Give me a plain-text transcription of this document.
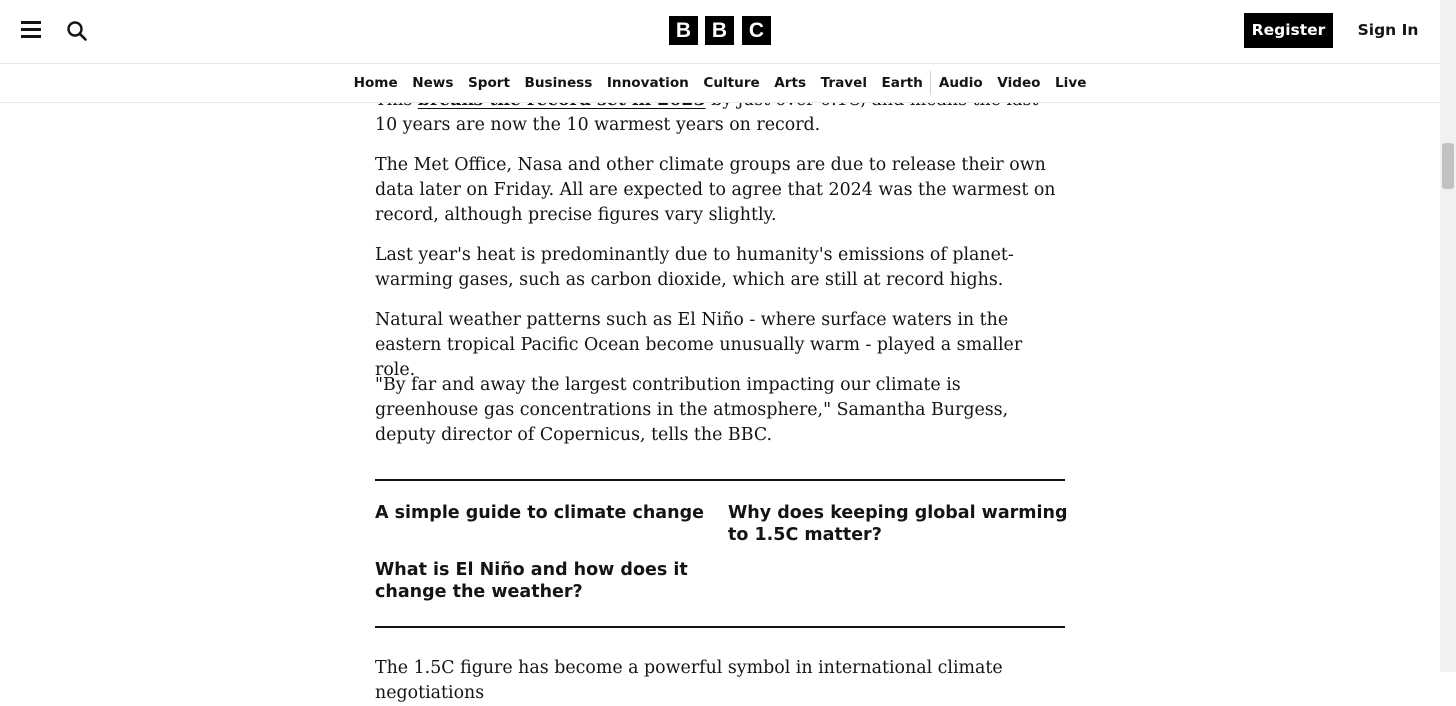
10 years are now the 10 warmest years on record.

The Met Office, Nasa and other climate groups are due to release their own data later on Friday. All are expected to agree that 2024 was the warmest on record, although precise figures vary slightly.

Last year's heat is predominantly due to humanity's emissions of planet-warming gases, such as carbon dioxide, which are still at record highs.

Natural weather patterns such as El Niño - where surface waters in the eastern tropical Pacific Ocean become unusually warm - played a smaller role.

"By far and away the largest contribution impacting our climate is greenhouse gas concentrations in the atmosphere," Samantha Burgess, deputy director of Copernicus, tells the BBC.

A simple guide to climate change Why does keeping global warming to 1.5C matter?
What is El Niño and how does it change the weather?

The 1.5C figure has become a powerful symbol in international climate negotiations

B B	C	Register	Sign In
Home News Sport Business Innovation Culture Arts Travel Earth Audio Video Live
